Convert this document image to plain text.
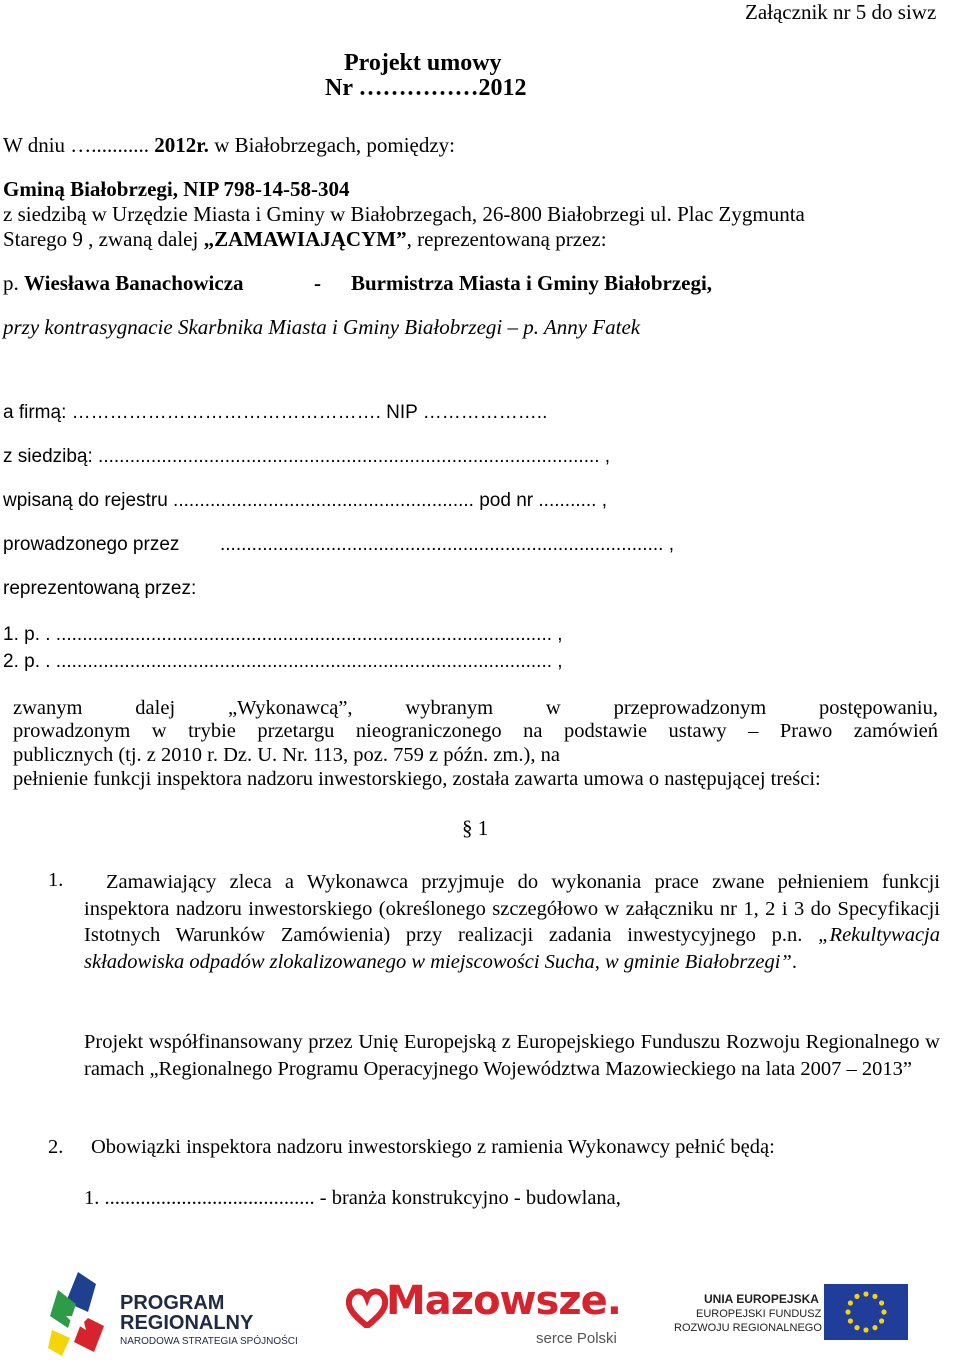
Załącznik nr 5 do siwz
Projekt umowy
Nr ……………2012
W dniu …........... 2012r. w Białobrzegach, pomiędzy:
Gminą Białobrzegi, NIP 798-14-58-304
z siedzibą w Urzędzie Miasta i Gminy w Białobrzegach, 26-800 Białobrzegi ul. Plac Zygmunta
Starego 9 , zwaną dalej „ZAMAWIAJĄCYM”, reprezentowaną przez:
p. Wiesława Banachowicza	- Burmistrza Miasta i Gminy Białobrzegi,
przy kontrasygnacie Skarbnika Miasta i Gminy Białobrzegi – p. Anny Fatek
a firmą: …………………………………………. NIP ………………..
z siedzibą: ............................................................................................... ,
wpisaną do rejestru ......................................................... pod nr ........... ,
prowadzonego przez .................................................................................... ,
reprezentowaną przez:
1. p. . .............................................................................................. ,
2. p. . .............................................................................................. ,
zwanym dalej „Wykonawcą”, wybranym w przeprowadzonym postępowaniu,
prowadzonym w trybie przetargu nieograniczonego na podstawie ustawy – Prawo zamówień
publicznych (tj. z 2010 r. Dz. U. Nr. 113, poz. 759 z późn. zm.), na
pełnienie funkcji inspektora nadzoru inwestorskiego, została zawarta umowa o następującej treści:
§ 1
1.	Zamawiający zleca a Wykonawca przyjmuje do wykonania prace zwane pełnieniem funkcji inspektora nadzoru inwestorskiego (określonego szczegółowo w załączniku nr 1, 2 i 3 do Specyfikacji Istotnych Warunków Zamówienia) przy realizacji zadania inwestycyjnego p.n. „Rekultywacja składowiska odpadów zlokalizowanego w miejscowości Sucha, w gminie Białobrzegi”.
Projekt współfinansowany przez Unię Europejską z Europejskiego Funduszu Rozwoju Regionalnego w ramach „Regionalnego Programu Operacyjnego Województwa Mazowieckiego na lata 2007 – 2013”
2. Obowiązki inspektora nadzoru inwestorskiego z ramienia Wykonawcy pełnić będą:
1. ......................................... - branża konstrukcyjno - budowlana,
PROGRAM
REGIONALNY
NARODOWA STRATEGIA SPÓJNOŚCI
Mazowsze.
serce Polski
UNIA EUROPEJSKA
EUROPEJSKI FUNDUSZ
ROZWOJU REGIONALNEGO
